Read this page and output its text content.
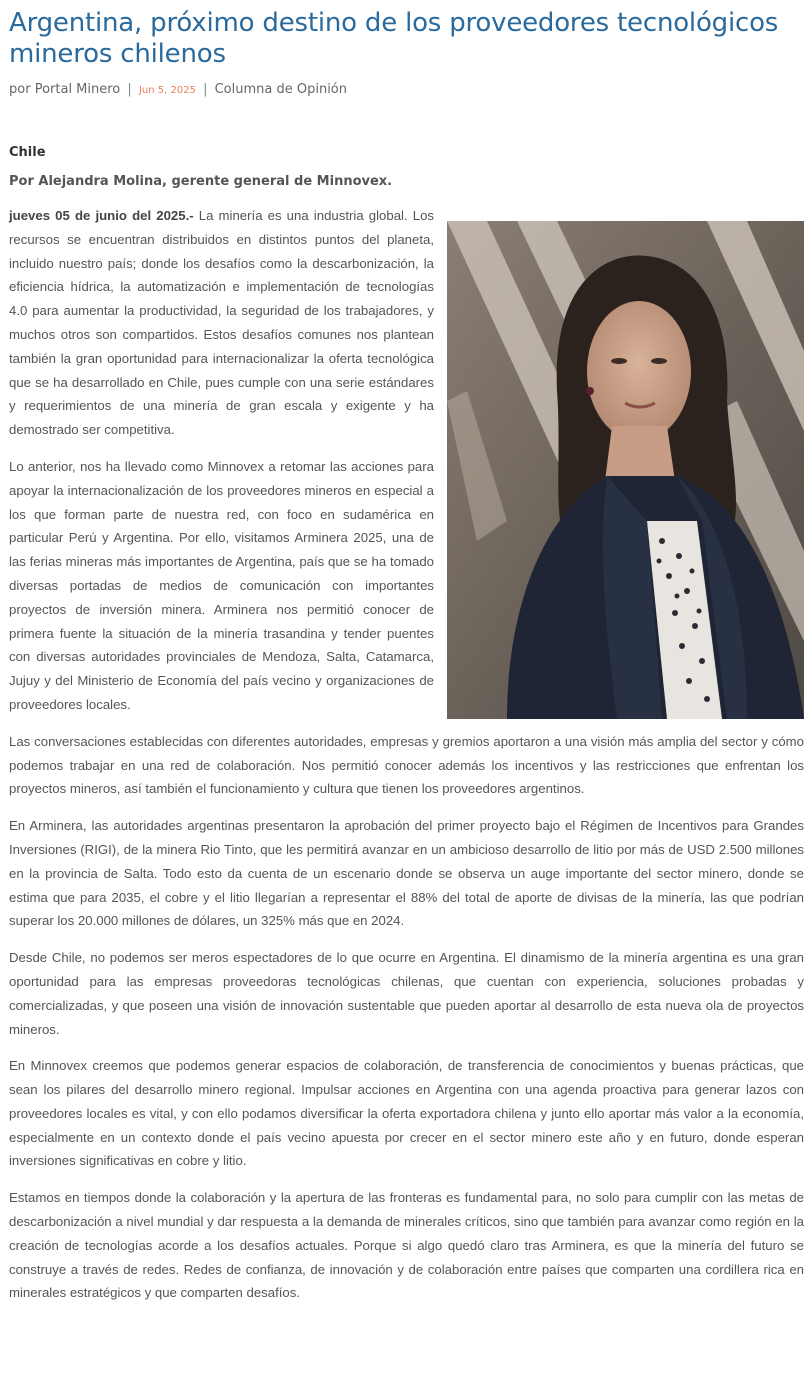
Argentina, próximo destino de los proveedores tecnológicos mineros chilenos
por Portal Minero | Jun 5, 2025 | Columna de Opinión
Chile
Por Alejandra Molina, gerente general de Minnovex.

jueves 05 de junio del 2025.- La minería es una industria global. Los recursos se encuentran distribuidos en distintos puntos del planeta, incluido nuestro país; donde los desafíos como la descarbonización, la eficiencia hídrica, la automatización e implementación de tecnologías 4.0 para aumentar la productividad, la seguridad de los trabajadores, y muchos otros son compartidos. Estos desafíos comunes nos plantean también la gran oportunidad para internacionalizar la oferta tecnológica que se ha desarrollado en Chile, pues cumple con una serie estándares y requerimientos de una minería de gran escala y exigente y ha demostrado ser competitiva.

Lo anterior, nos ha llevado como Minnovex a retomar las acciones para apoyar la internacionalización de los proveedores mineros en especial a los que forman parte de nuestra red, con foco en sudamérica en particular Perú y Argentina. Por ello, visitamos Arminera 2025, una de las ferias mineras más importantes de Argentina, país que se ha tomado diversas portadas de medios de comunicación con importantes proyectos de inversión minera. Arminera nos permitió conocer de primera fuente la situación de la minería trasandina y tender puentes con diversas autoridades provinciales de Mendoza, Salta, Catamarca, Jujuy y del Ministerio de Economía del país vecino y organizaciones de proveedores locales.

Las conversaciones establecidas con diferentes autoridades, empresas y gremios aportaron a una visión más amplia del sector y cómo podemos trabajar en una red de colaboración. Nos permitió conocer además los incentivos y las restricciones que enfrentan los proyectos mineros, así también el funcionamiento y cultura que tienen los proveedores argentinos.

En Arminera, las autoridades argentinas presentaron la aprobación del primer proyecto bajo el Régimen de Incentivos para Grandes Inversiones (RIGI), de la minera Rio Tinto, que les permitirá avanzar en un ambicioso desarrollo de litio por más de USD 2.500 millones en la provincia de Salta. Todo esto da cuenta de un escenario donde se observa un auge importante del sector minero, donde se estima que para 2035, el cobre y el litio llegarían a representar el 88% del total de aporte de divisas de la minería, las que podrían superar los 20.000 millones de dólares, un 325% más que en 2024.

Desde Chile, no podemos ser meros espectadores de lo que ocurre en Argentina. El dinamismo de la minería argentina es una gran oportunidad para las empresas proveedoras tecnológicas chilenas, que cuentan con experiencia, soluciones probadas y comercializadas, y que poseen una visión de innovación sustentable que pueden aportar al desarrollo de esta nueva ola de proyectos mineros.

En Minnovex creemos que podemos generar espacios de colaboración, de transferencia de conocimientos y buenas prácticas, que sean los pilares del desarrollo minero regional. Impulsar acciones en Argentina con una agenda proactiva para generar lazos con proveedores locales es vital, y con ello podamos diversificar la oferta exportadora chilena y junto ello aportar más valor a la economía, especialmente en un contexto donde el país vecino apuesta por crecer en el sector minero este año y en futuro, donde esperan inversiones significativas en cobre y litio.

Estamos en tiempos donde la colaboración y la apertura de las fronteras es fundamental para, no solo para cumplir con las metas de descarbonización a nivel mundial y dar respuesta a la demanda de minerales críticos, sino que también para avanzar como región en la creación de tecnologías acorde a los desafíos actuales. Porque si algo quedó claro tras Arminera, es que la minería del futuro se construye a través de redes. Redes de confianza, de innovación y de colaboración entre países que comparten una cordillera rica en minerales estratégicos y que comparten desafíos.
